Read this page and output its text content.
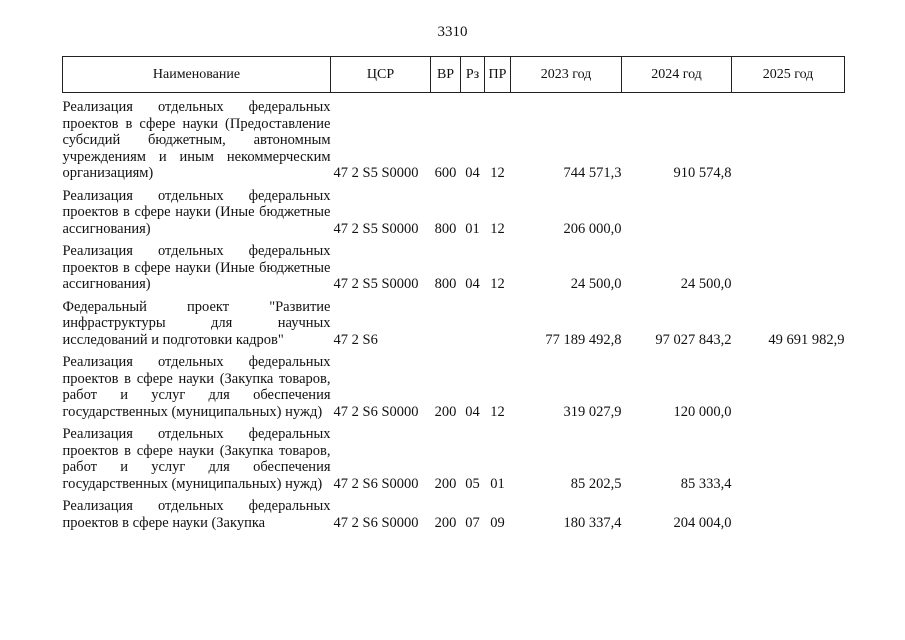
3310
Наименование	ЦСР	ВР	Рз	ПР	2023 год	2024 год	2025 год
Реализация отдельных федеральных проектов в сфере науки (Предоставление субсидий бюджетным, автономным учреждениям и иным некоммерческим организациям)	47 2 S5 S0000	600	04	12	744 571,3	910 574,8	
Реализация отдельных федеральных проектов в сфере науки (Иные бюджетные ассигнования)	47 2 S5 S0000	800	01	12	206 000,0		
Реализация отдельных федеральных проектов в сфере науки (Иные бюджетные ассигнования)	47 2 S5 S0000	800	04	12	24 500,0	24 500,0	
Федеральный проект "Развитие инфраструктуры для научных исследований и подготовки кадров"	47 2 S6				77 189 492,8	97 027 843,2	49 691 982,9
Реализация отдельных федеральных проектов в сфере науки (Закупка товаров, работ и услуг для обеспечения государственных (муниципальных) нужд)	47 2 S6 S0000	200	04	12	319 027,9	120 000,0	
Реализация отдельных федеральных проектов в сфере науки (Закупка товаров, работ и услуг для обеспечения государственных (муниципальных) нужд)	47 2 S6 S0000	200	05	01	85 202,5	85 333,4	
Реализация отдельных федеральных проектов в сфере науки (Закупка	47 2 S6 S0000	200	07	09	180 337,4	204 004,0	
